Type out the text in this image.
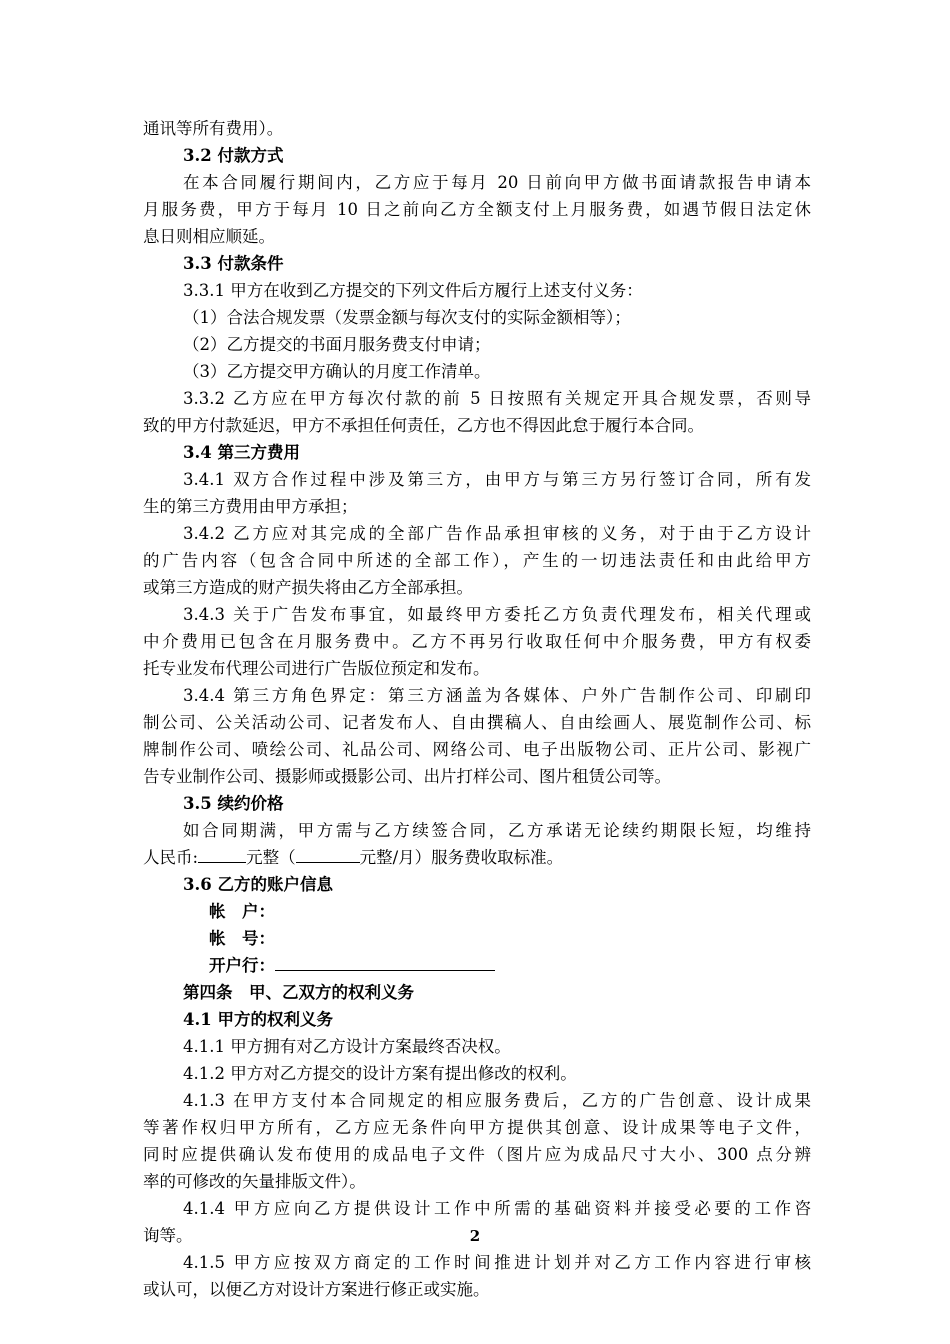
通讯等所有费用）。
3.2 付款方式
在本合同履行期间内，乙方应于每月 20 日前向甲方做书面请款报告申请本
月服务费，甲方于每月 10 日之前向乙方全额支付上月服务费，如遇节假日法定休
息日则相应顺延。
3.3 付款条件
3.3.1 甲方在收到乙方提交的下列文件后方履行上述支付义务：
（1）合法合规发票（发票金额与每次支付的实际金额相等）；
（2）乙方提交的书面月服务费支付申请；
（3）乙方提交甲方确认的月度工作清单。
3.3.2 乙方应在甲方每次付款的前 5 日按照有关规定开具合规发票，否则导
致的甲方付款延迟，甲方不承担任何责任，乙方也不得因此怠于履行本合同。
3.4 第三方费用
3.4.1 双方合作过程中涉及第三方，由甲方与第三方另行签订合同，所有发
生的第三方费用由甲方承担；
3.4.2 乙方应对其完成的全部广告作品承担审核的义务，对于由于乙方设计
的广告内容（包含合同中所述的全部工作），产生的一切违法责任和由此给甲方
或第三方造成的财产损失将由乙方全部承担。
3.4.3 关于广告发布事宜，如最终甲方委托乙方负责代理发布，相关代理或
中介费用已包含在月服务费中。乙方不再另行收取任何中介服务费，甲方有权委
托专业发布代理公司进行广告版位预定和发布。
3.4.4 第三方角色界定：第三方涵盖为各媒体、户外广告制作公司、印刷印
制公司、公关活动公司、记者发布人、自由撰稿人、自由绘画人、展览制作公司、标
牌制作公司、喷绘公司、礼品公司、网络公司、电子出版物公司、正片公司、影视广
告专业制作公司、摄影师或摄影公司、出片打样公司、图片租赁公司等。
3.5 续约价格
如合同期满，甲方需与乙方续签合同，乙方承诺无论续约期限长短，均维持
人民币:	元整（	元整/月）服务费收取标准。
3.6 乙方的账户信息
帐　户：
帐　号：
开户行：
第四条　甲、乙双方的权利义务
4.1 甲方的权利义务
4.1.1 甲方拥有对乙方设计方案最终否决权。
4.1.2 甲方对乙方提交的设计方案有提出修改的权利。
4.1.3 在甲方支付本合同规定的相应服务费后，乙方的广告创意、设计成果
等著作权归甲方所有，乙方应无条件向甲方提供其创意、设计成果等电子文件，
同时应提供确认发布使用的成品电子文件（图片应为成品尺寸大小、300 点分辨
率的可修改的矢量排版文件）。
4.1.4 甲方应向乙方提供设计工作中所需的基础资料并接受必要的工作咨
询等。
4.1.5 甲方应按双方商定的工作时间推进计划并对乙方工作内容进行审核
或认可，以便乙方对设计方案进行修正或实施。
2
